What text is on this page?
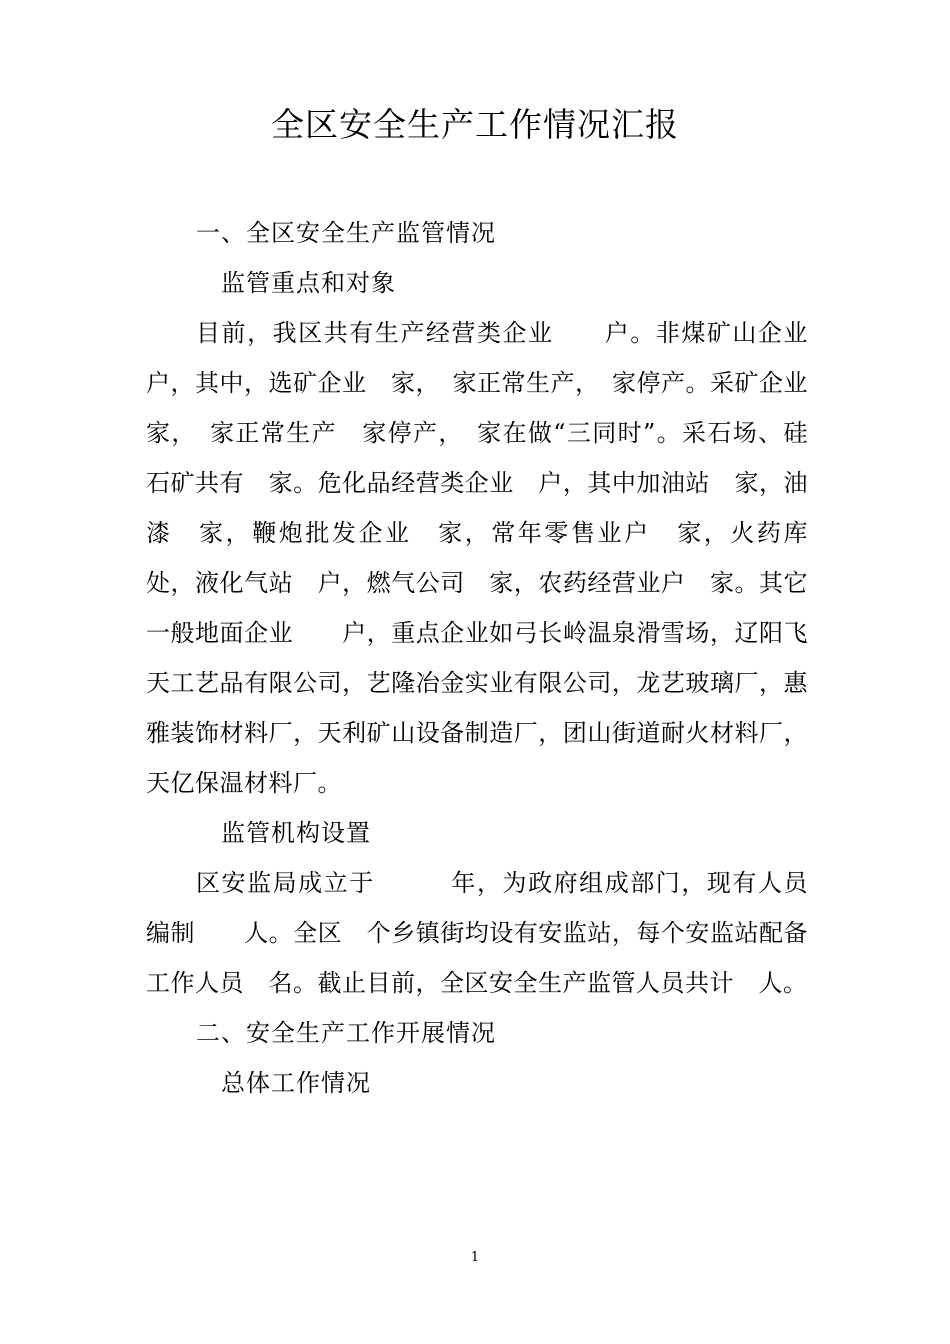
全区安全生产工作情况汇报

一、全区安全生产监管情况

监管重点和对象

目前，我区共有生产经营类企业　　户。非煤矿山企业　户，其中，选矿企业　家，　家正常生产，　家停产。采矿企业　家，　家正常生产　家停产，　家在做“三同时”。采石场、硅石矿共有　家。危化品经营类企业　户，其中加油站　家，油漆　家，鞭炮批发企业　家，常年零售业户　家，火药库　处，液化气站　户，燃气公司　家，农药经营业户　家。其它一般地面企业　　户，重点企业如弓长岭温泉滑雪场，辽阳飞天工艺品有限公司，艺隆冶金实业有限公司，龙艺玻璃厂，惠雅装饰材料厂，天利矿山设备制造厂，团山街道耐火材料厂，天亿保温材料厂。

监管机构设置

区安监局成立于　　　年，为政府组成部门，现有人员编制　　人。全区　个乡镇街均设有安监站，每个安监站配备工作人员　名。截止目前，全区安全生产监管人员共计　人。

二、安全生产工作开展情况

总体工作情况

1
